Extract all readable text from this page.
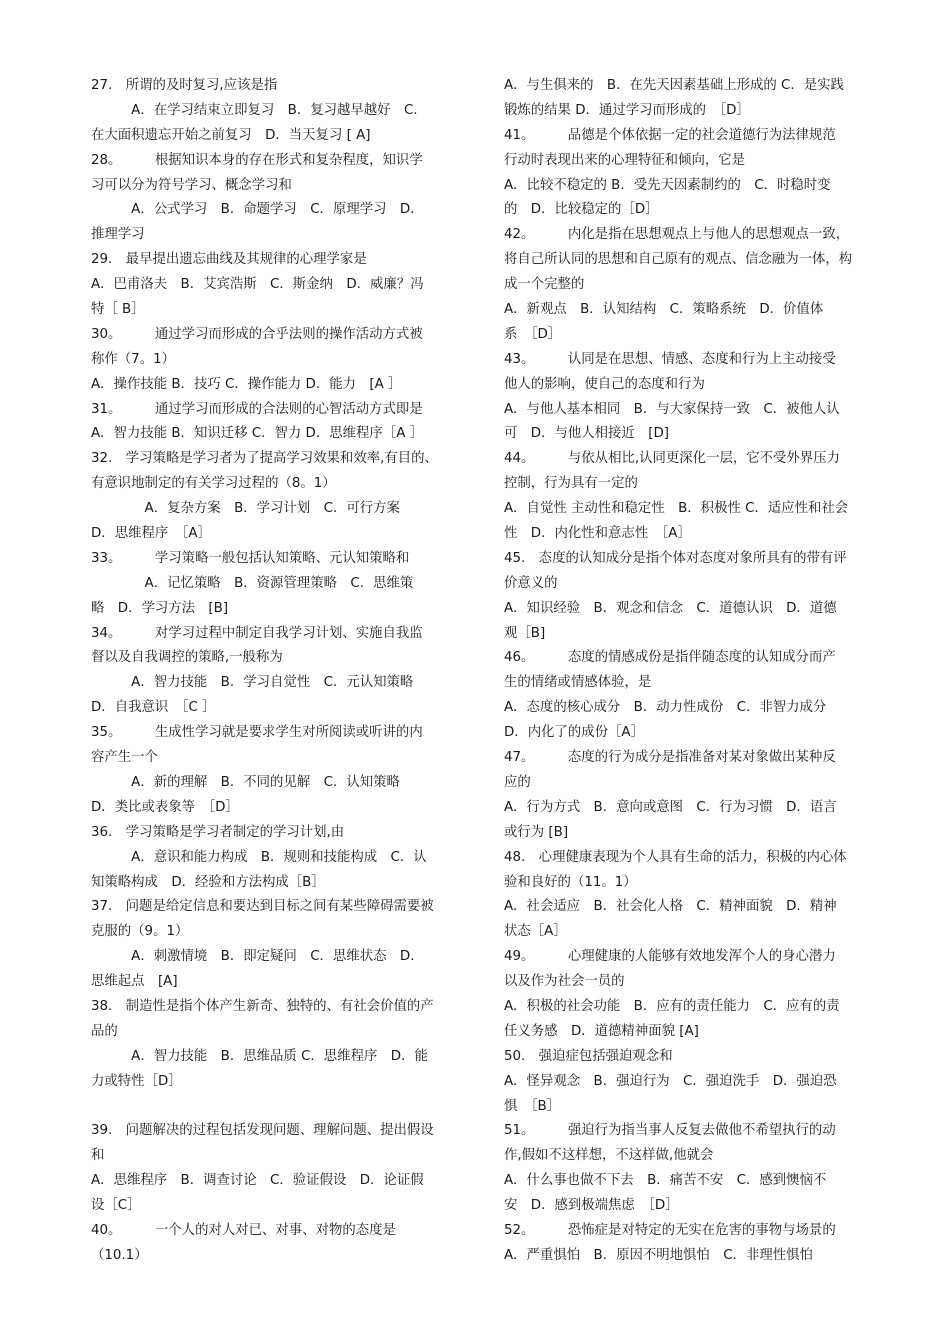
27.　所谓的及时复习,应该是指
　　　A．在学习结束立即复习　B．复习越早越好　C．
在大面积遗忘开始之前复习　D．当天复习 [ A]
28。　　　根据知识本身的存在形式和复杂程度，知识学
习可以分为符号学习、概念学习和
　　　A．公式学习　B．命题学习　C．原理学习　D．
推理学习
29.　最早提出遗忘曲线及其规律的心理学家是
A．巴甫洛夫　B．艾宾浩斯　C．斯金纳　D．威廉？冯
特［ B］
30。　　　通过学习而形成的合乎法则的操作活动方式被
称作（7。1）
A．操作技能 B．技巧 C．操作能力 D．能力　[A ］
31。　　　通过学习而形成的合法则的心智活动方式即是
A．智力技能 B．知识迁移 C．智力 D．思维程序［A ］
32.　学习策略是学习者为了提高学习效果和效率,有目的、
有意识地制定的有关学习过程的（8。1）
　　　　A．复杂方案　B．学习计划　C．可行方案
D．思维程序　［A］
33。　　　学习策略一般包括认知策略、元认知策略和
　　　　A．记忆策略　B．资源管理策略　C．思维策
略　D．学习方法　[B]
34。　　　对学习过程中制定自我学习计划、实施自我监
督以及自我调控的策略,一般称为
　　　A．智力技能　B．学习自觉性　C．元认知策略
D．自我意识　［C ］
35。　　　生成性学习就是要求学生对所阅读或听讲的内
容产生一个
　　　A．新的理解　B．不同的见解　C．认知策略
D．类比或表象等　［D］
36.　学习策略是学习者制定的学习计划,由
　　　A．意识和能力构成　B．规则和技能构成　C．认
知策略构成　D．经验和方法构成［B］
37.　问题是给定信息和要达到目标之间有某些障碍需要被
克服的（9。1）
　　　A．刺激情境　B．即定疑问　C．思维状态　D．
思维起点　[A]
38.　制造性是指个体产生新奇、独特的、有社会价值的产
品的
　　　A．智力技能　B．思维品质 C．思维程序　D．能
力或特性［D］
39.　问题解决的过程包括发现问题、理解问题、提出假设
和
A．思维程序　B．调查讨论　C．验证假设　D．论证假
设［C］
40。　　　一个人的对人对已、对事、对物的态度是
（10.1）
A．与生俱来的　B．在先天因素基础上形成的 C．是实践
锻炼的结果 D．通过学习而形成的　［D］
41。　　　品德是个体依据一定的社会道德行为法律规范
行动时表现出来的心理特征和倾向，它是
A．比较不稳定的 B．受先天因素制约的　C．时稳时变
的　D．比较稳定的［D］
42。　　　内化是指在思想观点上与他人的思想观点一致，
将自己所认同的思想和自己原有的观点、信念融为一体，构
成一个完整的
A．新观点　B．认知结构　C．策略系统　D．价值体
系　［D］
43。　　　认同是在思想、情感、态度和行为上主动接受
他人的影响，使自己的态度和行为
A．与他人基本相同　B．与大家保持一致　C．被他人认
可　D．与他人相接近　[D]
44。　　　与依从相比,认同更深化一层，它不受外界压力
控制，行为具有一定的
A．自觉性 主动性和稳定性　B．积极性 C．适应性和社会
性　D．内化性和意志性　［A］
45.　态度的认知成分是指个体对态度对象所具有的带有评
价意义的
A．知识经验　B．观念和信念　C．道德认识　D．道德
观［B]
46。　　　态度的情感成份是指伴随态度的认知成分而产
生的情绪或情感体验，是
A．态度的核心成分　B．动力性成份　C．非智力成分
D．内化了的成份［A］
47。　　　态度的行为成分是指准备对某对象做出某种反
应的
A．行为方式　B．意向或意图　C．行为习惯　D．语言
或行为 [B]
48.　心理健康表现为个人具有生命的活力，积极的内心体
验和良好的（11。1）
A．社会适应　B．社会化人格　C．精神面貌　D．精神
状态［A］
49。　　　心理健康的人能够有效地发浑个人的身心潜力
以及作为社会一员的
A．积极的社会功能　B．应有的责任能力　C．应有的责
任义务感　D．道德精神面貌 [A]
50.　强迫症包括强迫观念和
A．怪异观念　B．强迫行为　C．强迫洗手　D．强迫恐
惧　［B］
51。　　　强迫行为指当事人反复去做他不希望执行的动
作,假如不这样想，不这样做,他就会
A．什么事也做不下去　B．痛苦不安　C．感到懊恼不
安　D．感到极端焦虑　［D］
52。　　　恐怖症是对特定的无实在危害的事物与场景的
A．严重惧怕　B．原因不明地惧怕　C．非理性惧怕
